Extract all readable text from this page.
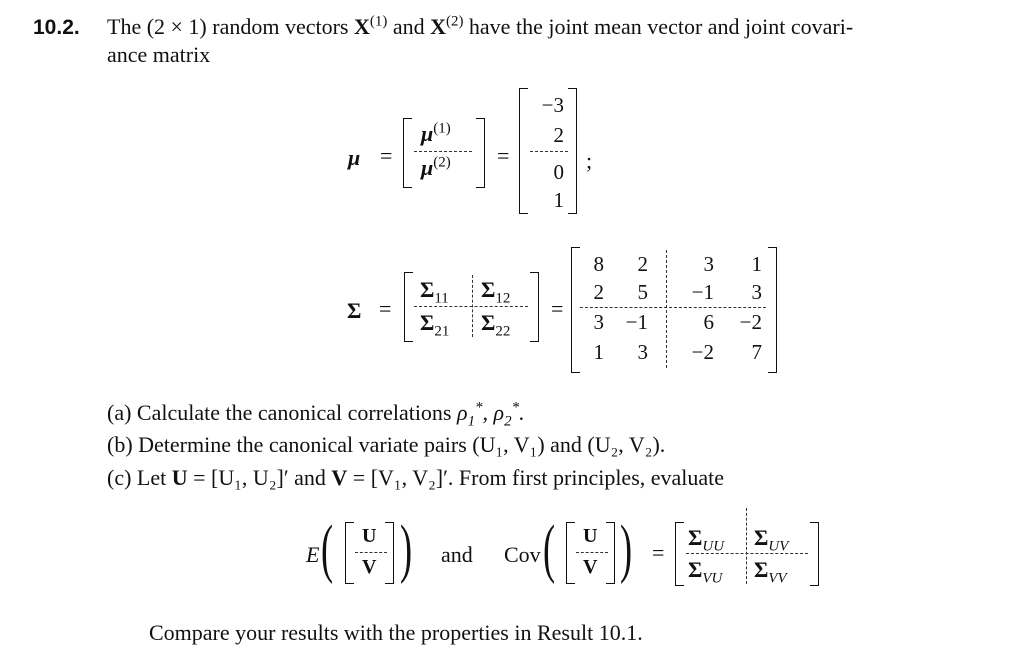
10.2. The (2 × 1) random vectors $X^{(1)}$ and $X^{(2)}$ have the joint mean vector and joint covari-
ance matrix
μ =
$\mu^{(1)}$
$\mu^{(2)}$ =
−3
2
0
1
;
Σ =
$\Sigma_{11}$ $\Sigma_{12}$
$\Sigma_{21}$ $\Sigma_{22}$
=
8	2	3	1
2	5	−1	3
3	−1	6	−2
1	3	−2	7
(a) Calculate the canonical correlations $\rho_1^*$, $\rho_2^*$.
(b) Determine the canonical variate pairs (U₁, V₁) and (U₂, V₂).
(c) Let U = [U₁, U₂]′ and V = [V₁, V₂]′. From first principles, evaluate
E ( U
V ) and Cov ( U
V ) =
$\Sigma_{UU}$ $\Sigma_{UV}$
$\Sigma_{VU}$ $\Sigma_{VV}$
Compare your results with the properties in Result 10.1.
